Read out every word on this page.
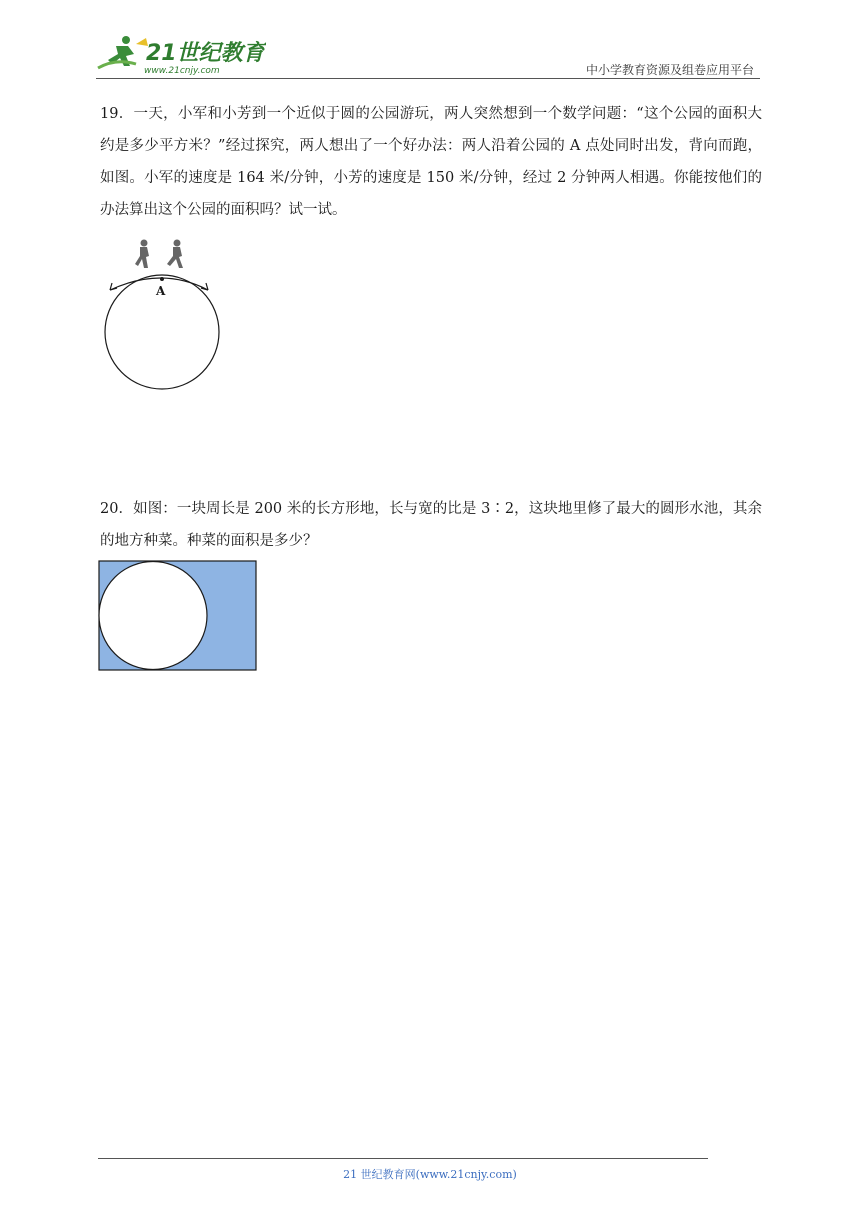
21世纪教育
www.21cnjy.com	中小学教育资源及组卷应用平台
19．一天，小军和小芳到一个近似于圆的公园游玩，两人突然想到一个数学问题：“这个公园的面积大约是多少平方米？”经过探究，两人想出了一个好办法：两人沿着公园的 A 点处同时出发，背向而跑，如图。小军的速度是 164 米/分钟，小芳的速度是 150 米/分钟，经过 2 分钟两人相遇。你能按他们的办法算出这个公园的面积吗？试一试。
A
20．如图：一块周长是 200 米的长方形地，长与宽的比是 3∶2，这块地里修了最大的圆形水池，其余的地方种菜。种菜的面积是多少？
21 世纪教育网(www.21cnjy.com)
